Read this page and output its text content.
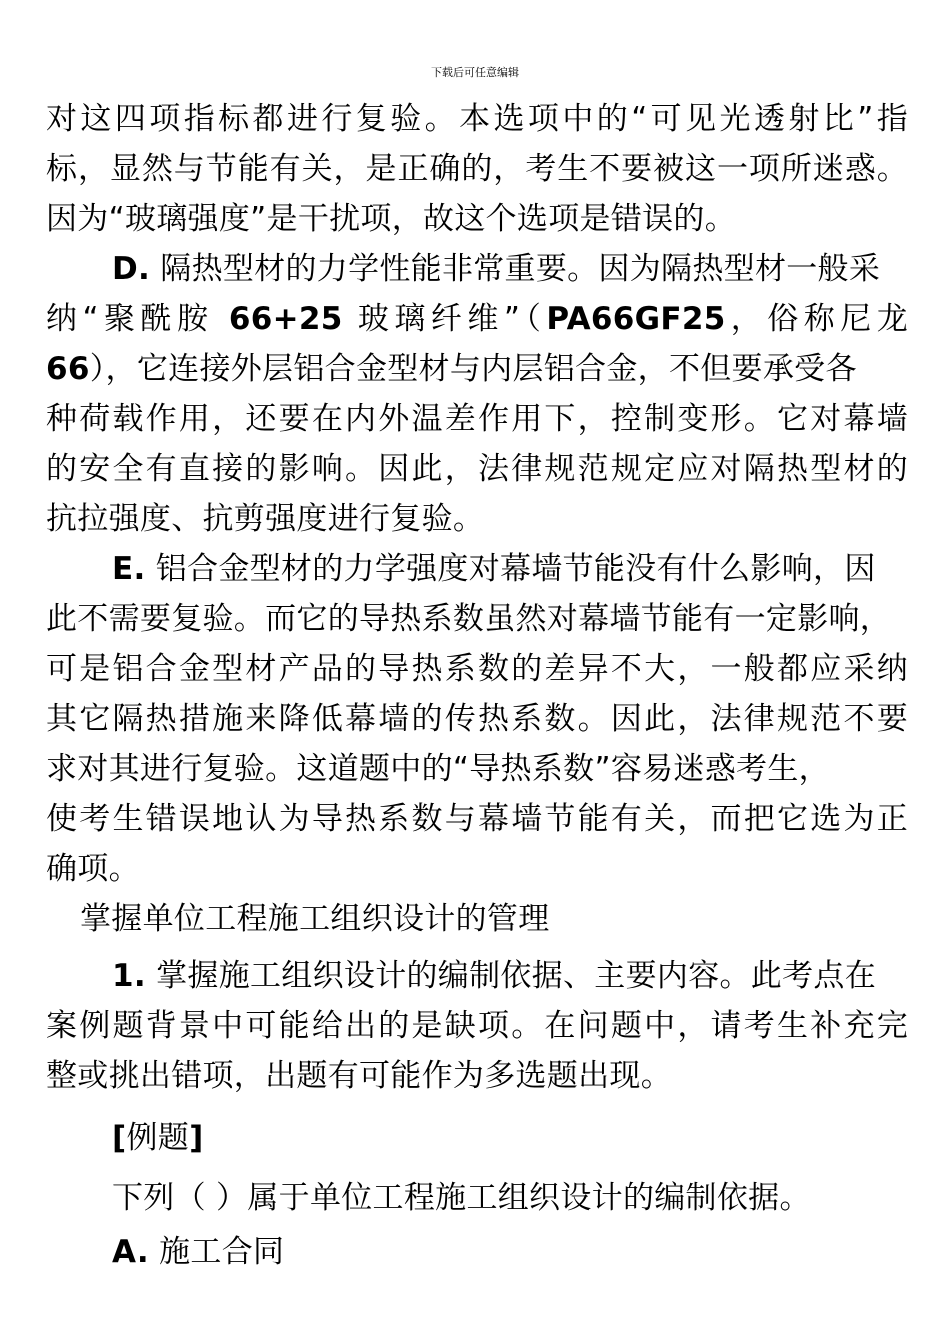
下载后可任意编辑
对这四项指标都进行复验。本选项中的“可见光透射比”指
标，显然与节能有关，是正确的，考生不要被这一项所迷惑。
因为“玻璃强度”是干扰项，故这个选项是错误的。
D. 隔热型材的力学性能非常重要。因为隔热型材一般采
纳“聚酰胺 66+25 玻璃纤维”（PA66GF25，俗称尼龙
66），它连接外层铝合金型材与内层铝合金，不但要承受各
种荷载作用，还要在内外温差作用下，控制变形。它对幕墙
的安全有直接的影响。因此，法律规范规定应对隔热型材的
抗拉强度、抗剪强度进行复验。
E. 铝合金型材的力学强度对幕墙节能没有什么影响，因
此不需要复验。而它的导热系数虽然对幕墙节能有一定影响，
可是铝合金型材产品的导热系数的差异不大，一般都应采纳
其它隔热措施来降低幕墙的传热系数。因此，法律规范不要
求对其进行复验。这道题中的“导热系数”容易迷惑考生，
使考生错误地认为导热系数与幕墙节能有关，而把它选为正
确项。
掌握单位工程施工组织设计的管理
1. 掌握施工组织设计的编制依据、主要内容。此考点在
案例题背景中可能给出的是缺项。在问题中，请考生补充完
整或挑出错项，出题有可能作为多选题出现。
[例题]
下列（ ）属于单位工程施工组织设计的编制依据。
A. 施工合同
